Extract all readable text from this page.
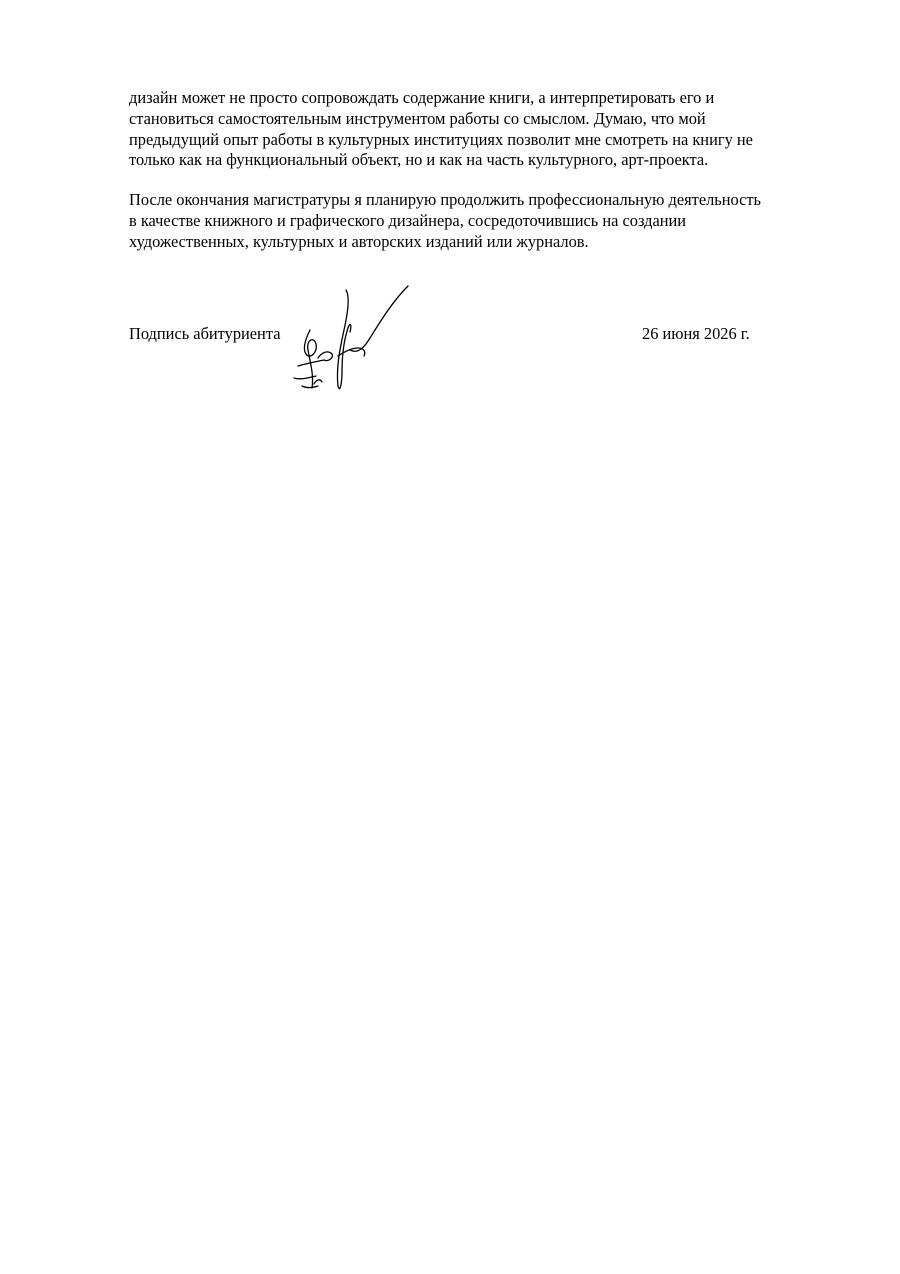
дизайн может не просто сопровождать содержание книги, а интерпретировать его и
становиться самостоятельным инструментом работы со смыслом. Думаю, что мой
предыдущий опыт работы в культурных институциях позволит мне смотреть на книгу не
только как на функциональный объект, но и как на часть культурного, арт-проекта.

После окончания магистратуры я планирую продолжить профессиональную деятельность
в качестве книжного и графического дизайнера, сосредоточившись на создании
художественных, культурных и авторских изданий или журналов.

Подпись абитуриента	26 июня 2026 г.
